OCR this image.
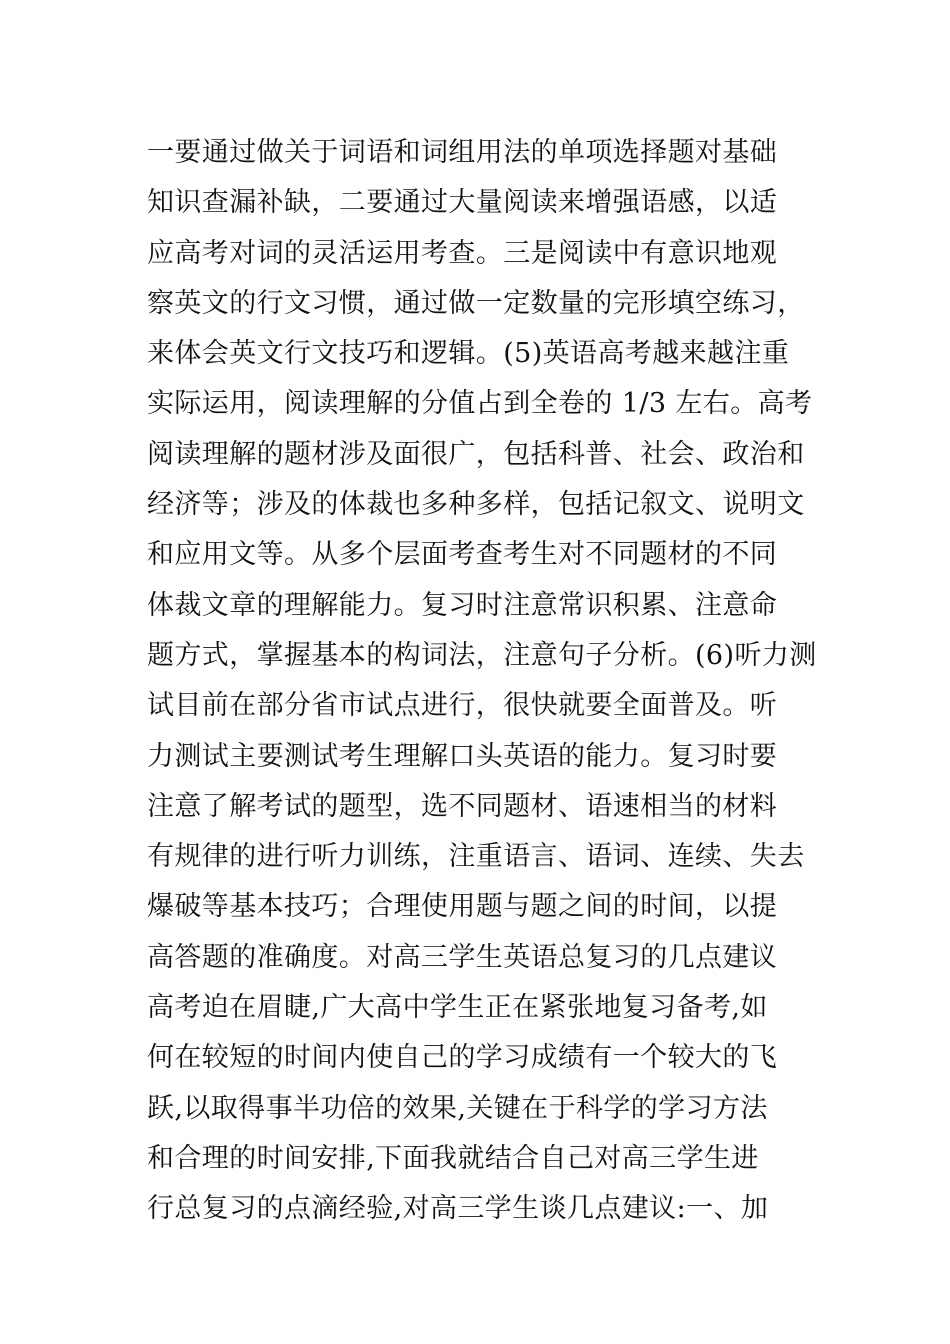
一要通过做关于词语和词组用法的单项选择题对基础
知识查漏补缺，二要通过大量阅读来增强语感，以适
应高考对词的灵活运用考查。三是阅读中有意识地观
察英文的行文习惯，通过做一定数量的完形填空练习，
来体会英文行文技巧和逻辑。(5)英语高考越来越注重
实际运用，阅读理解的分值占到全卷的 1/3 左右。高考
阅读理解的题材涉及面很广，包括科普、社会、政治和
经济等；涉及的体裁也多种多样，包括记叙文、说明文
和应用文等。从多个层面考查考生对不同题材的不同
体裁文章的理解能力。复习时注意常识积累、注意命
题方式，掌握基本的构词法，注意句子分析。(6)听力测
试目前在部分省市试点进行，很快就要全面普及。听
力测试主要测试考生理解口头英语的能力。复习时要
注意了解考试的题型，选不同题材、语速相当的材料
有规律的进行听力训练，注重语言、语词、连续、失去
爆破等基本技巧；合理使用题与题之间的时间，以提
高答题的准确度。对高三学生英语总复习的几点建议
高考迫在眉睫,广大高中学生正在紧张地复习备考,如
何在较短的时间内使自己的学习成绩有一个较大的飞
跃,以取得事半功倍的效果,关键在于科学的学习方法
和合理的时间安排,下面我就结合自己对高三学生进
行总复习的点滴经验,对高三学生谈几点建议:一、加
